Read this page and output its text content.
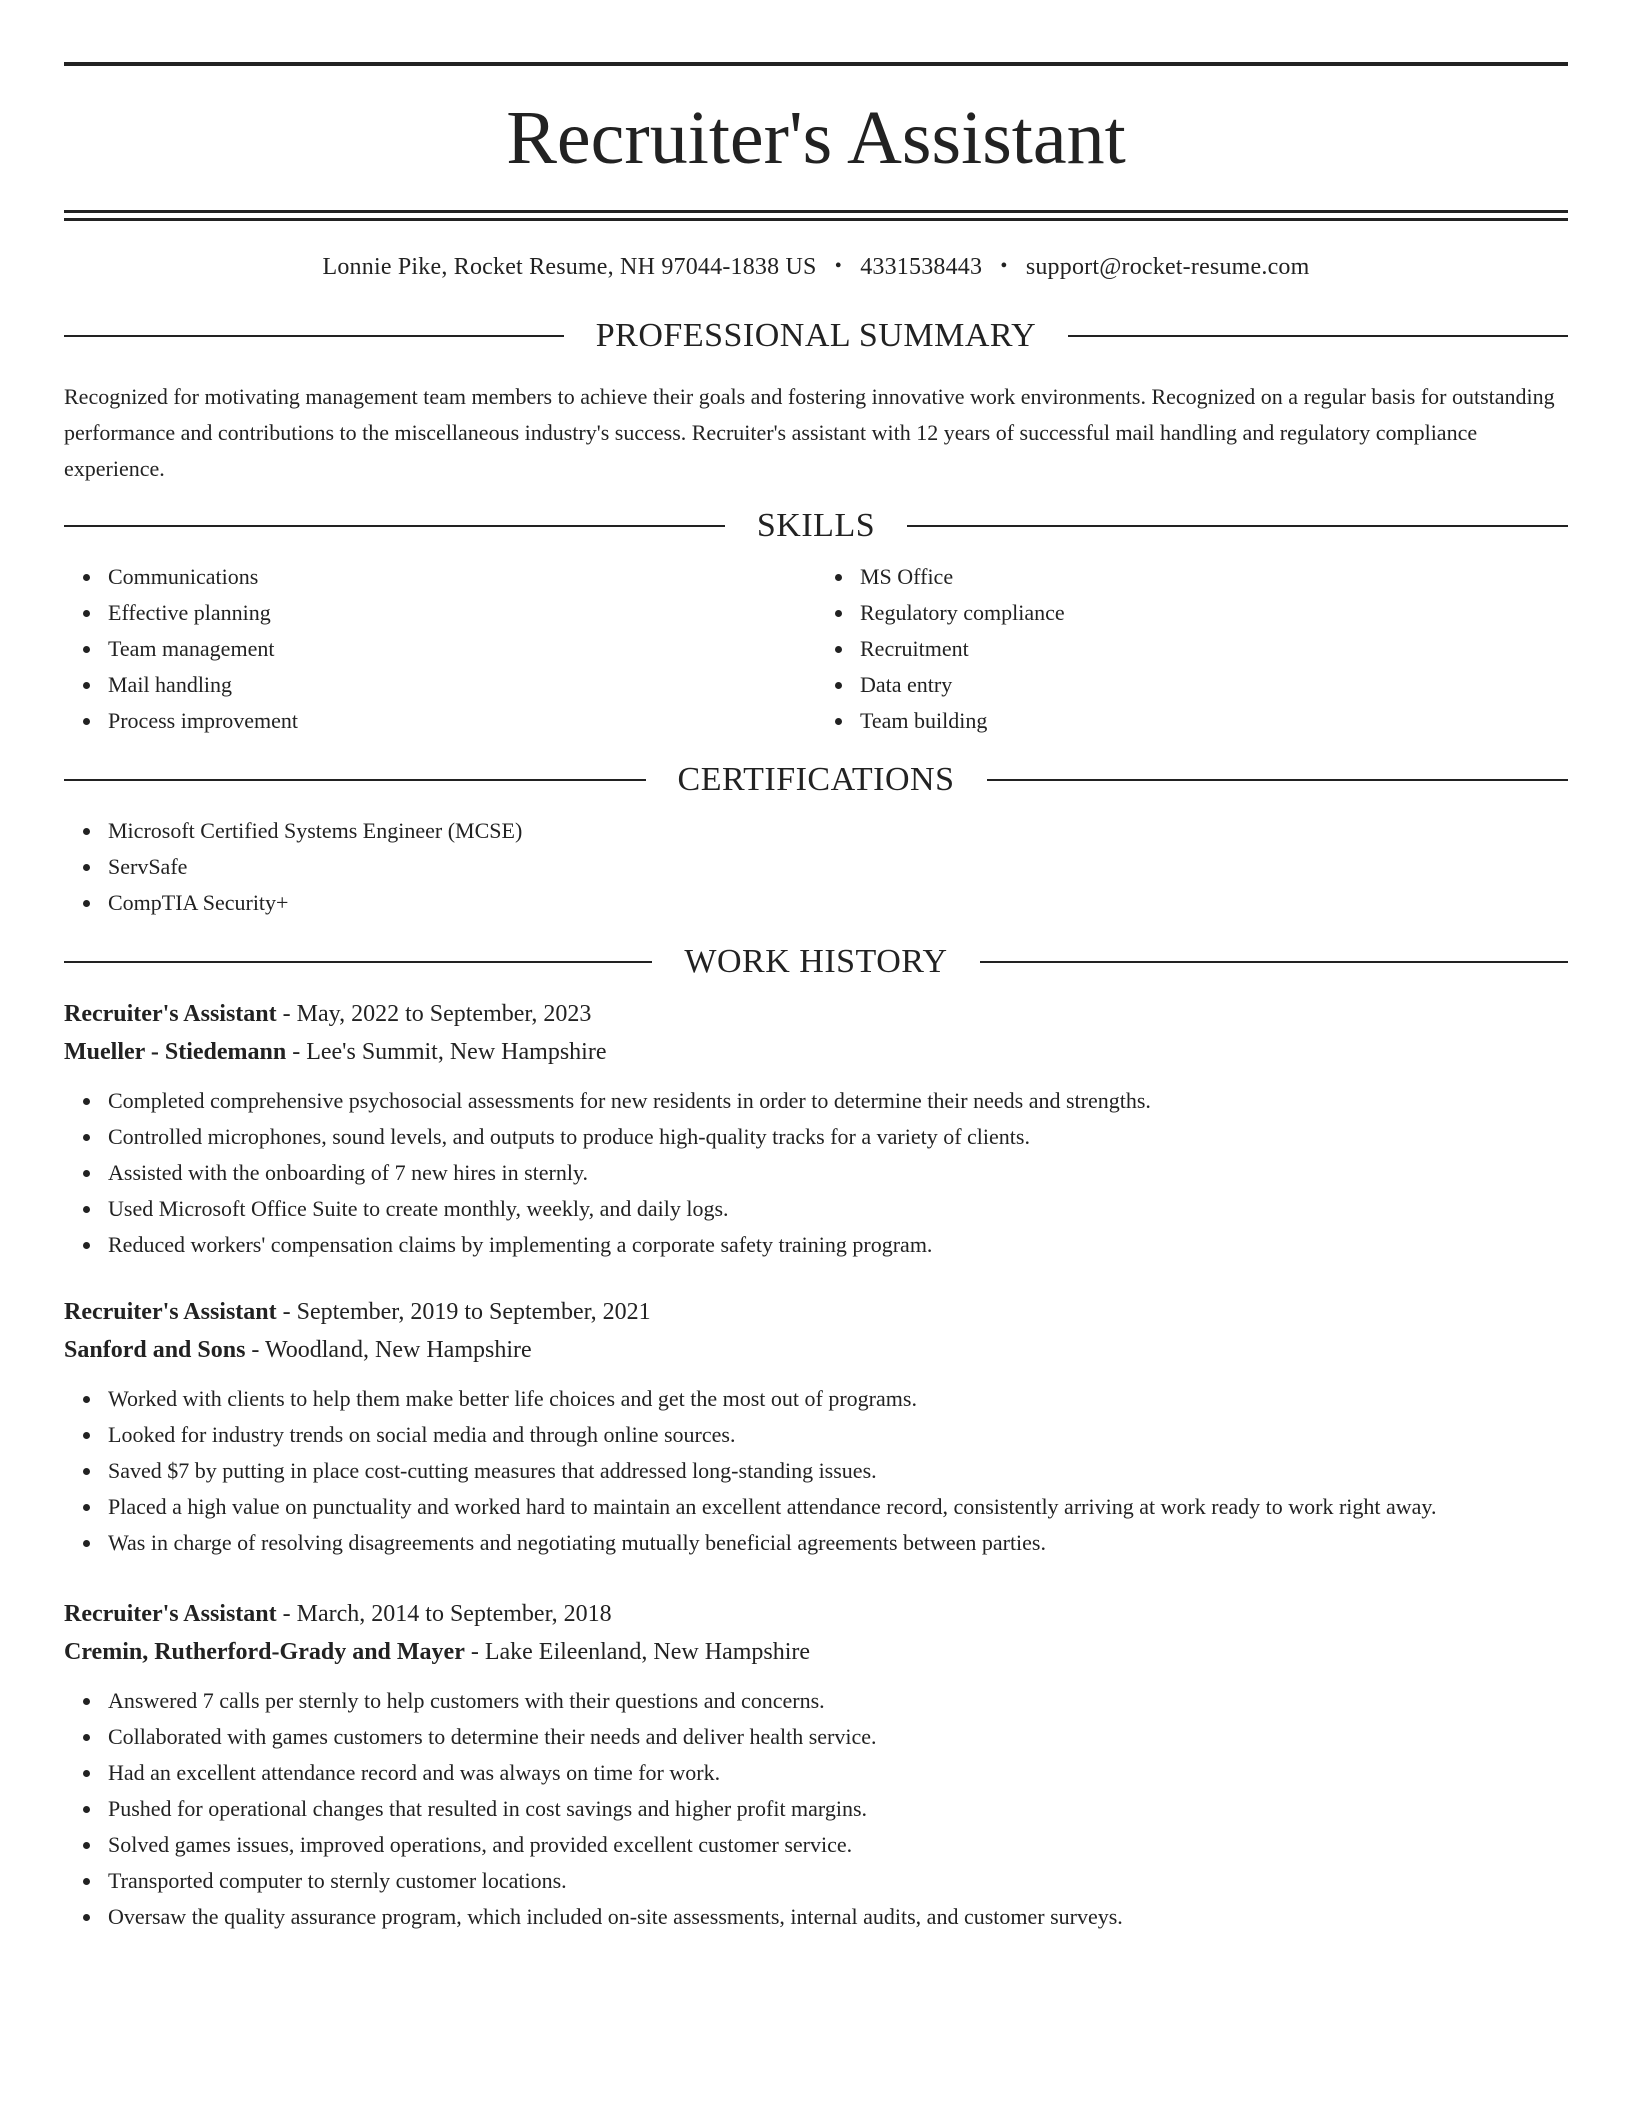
Recruiter's Assistant
Lonnie Pike, Rocket Resume, NH 97044-1838 US • 4331538443 • support@rocket-resume.com
PROFESSIONAL SUMMARY

Recognized for motivating management team members to achieve their goals and fostering innovative work environments. Recognized on a regular basis for outstanding performance and contributions to the miscellaneous industry's success. Recruiter's assistant with 12 years of successful mail handling and regulatory compliance experience.

SKILLS
Communications
Effective planning
Team management
Mail handling
Process improvement
MS Office
Regulatory compliance
Recruitment
Data entry
Team building
CERTIFICATIONS
Microsoft Certified Systems Engineer (MCSE)
ServSafe
CompTIA Security+
WORK HISTORY
Recruiter's Assistant - May, 2022 to September, 2023
Mueller - Stiedemann - Lee's Summit, New Hampshire
Completed comprehensive psychosocial assessments for new residents in order to determine their needs and strengths.
Controlled microphones, sound levels, and outputs to produce high-quality tracks for a variety of clients.
Assisted with the onboarding of 7 new hires in sternly.
Used Microsoft Office Suite to create monthly, weekly, and daily logs.
Reduced workers' compensation claims by implementing a corporate safety training program.
Recruiter's Assistant - September, 2019 to September, 2021
Sanford and Sons - Woodland, New Hampshire
Worked with clients to help them make better life choices and get the most out of programs.
Looked for industry trends on social media and through online sources.
Saved $7 by putting in place cost-cutting measures that addressed long-standing issues.
Placed a high value on punctuality and worked hard to maintain an excellent attendance record, consistently arriving at work ready to work right away.
Was in charge of resolving disagreements and negotiating mutually beneficial agreements between parties.
Recruiter's Assistant - March, 2014 to September, 2018
Cremin, Rutherford-Grady and Mayer - Lake Eileenland, New Hampshire
Answered 7 calls per sternly to help customers with their questions and concerns.
Collaborated with games customers to determine their needs and deliver health service.
Had an excellent attendance record and was always on time for work.
Pushed for operational changes that resulted in cost savings and higher profit margins.
Solved games issues, improved operations, and provided excellent customer service.
Transported computer to sternly customer locations.
Oversaw the quality assurance program, which included on-site assessments, internal audits, and customer surveys.
